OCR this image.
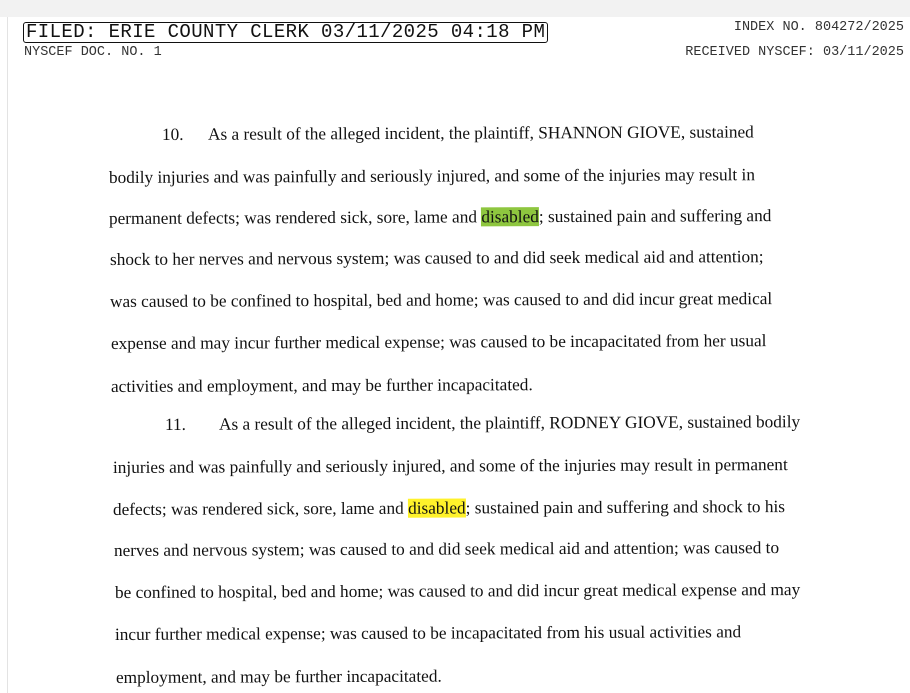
FILED: ERIE COUNTY CLERK 03/11/2025 04:18 PM
NYSCEF DOC. NO. 1
INDEX NO. 804272/2025
RECEIVED NYSCEF: 03/11/2025
10. As a result of the alleged incident, the plaintiff, SHANNON GIOVE, sustained
bodily injuries and was painfully and seriously injured, and some of the injuries may result in
permanent defects; was rendered sick, sore, lame and disabled; sustained pain and suffering and
shock to her nerves and nervous system; was caused to and did seek medical aid and attention;
was caused to be confined to hospital, bed and home; was caused to and did incur great medical
expense and may incur further medical expense; was caused to be incapacitated from her usual
activities and employment, and may be further incapacitated.
11. As a result of the alleged incident, the plaintiff, RODNEY GIOVE, sustained bodily
injuries and was painfully and seriously injured, and some of the injuries may result in permanent
defects; was rendered sick, sore, lame and disabled; sustained pain and suffering and shock to his
nerves and nervous system; was caused to and did seek medical aid and attention; was caused to
be confined to hospital, bed and home; was caused to and did incur great medical expense and may
incur further medical expense; was caused to be incapacitated from his usual activities and
employment, and may be further incapacitated.
